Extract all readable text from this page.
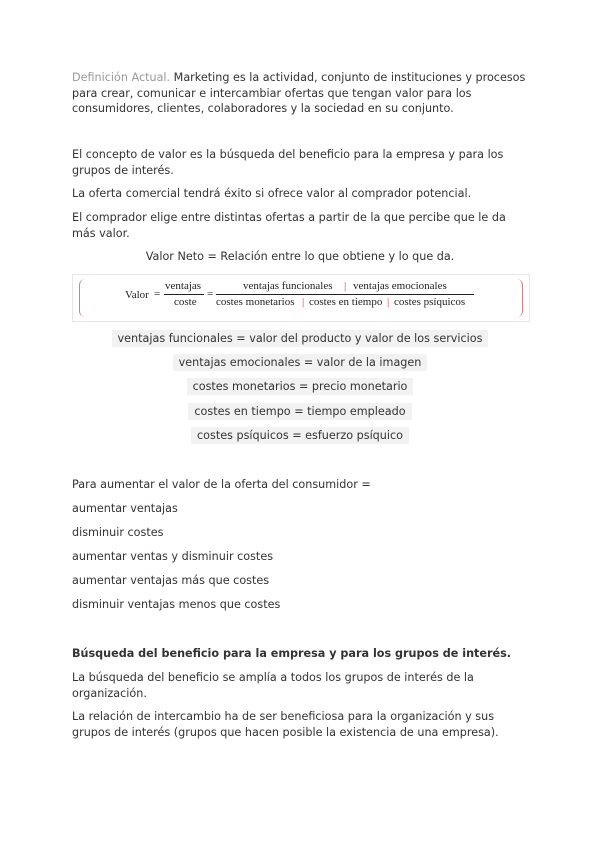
Definición Actual. Marketing es la actividad, conjunto de instituciones y procesos para crear, comunicar e intercambiar ofertas que tengan valor para los consumidores, clientes, colaboradores y la sociedad en su conjunto.

El concepto de valor es la búsqueda del beneficio para la empresa y para los grupos de interés.

La oferta comercial tendrá éxito si ofrece valor al comprador potencial.

El comprador elige entre distintas ofertas a partir de la que percibe que le da más valor.

Valor Neto = Relación entre lo que obtiene y lo que da.

Valor =
ventajas
coste
=
ventajas funcionales | ventajas emocionales
costes monetarios | costes en tiempo | costes psíquicos

ventajas funcionales = valor del producto y valor de los servicios

ventajas emocionales = valor de la imagen

costes monetarios = precio monetario

costes en tiempo = tiempo empleado

costes psíquicos = esfuerzo psíquico

Para aumentar el valor de la oferta del consumidor =

aumentar ventajas

disminuir costes

aumentar ventas y disminuir costes

aumentar ventajas más que costes

disminuir ventajas menos que costes

Búsqueda del beneficio para la empresa y para los grupos de interés.

La búsqueda del beneficio se amplía a todos los grupos de interés de la organización.

La relación de intercambio ha de ser beneficiosa para la organización y sus grupos de interés (grupos que hacen posible la existencia de una empresa).
